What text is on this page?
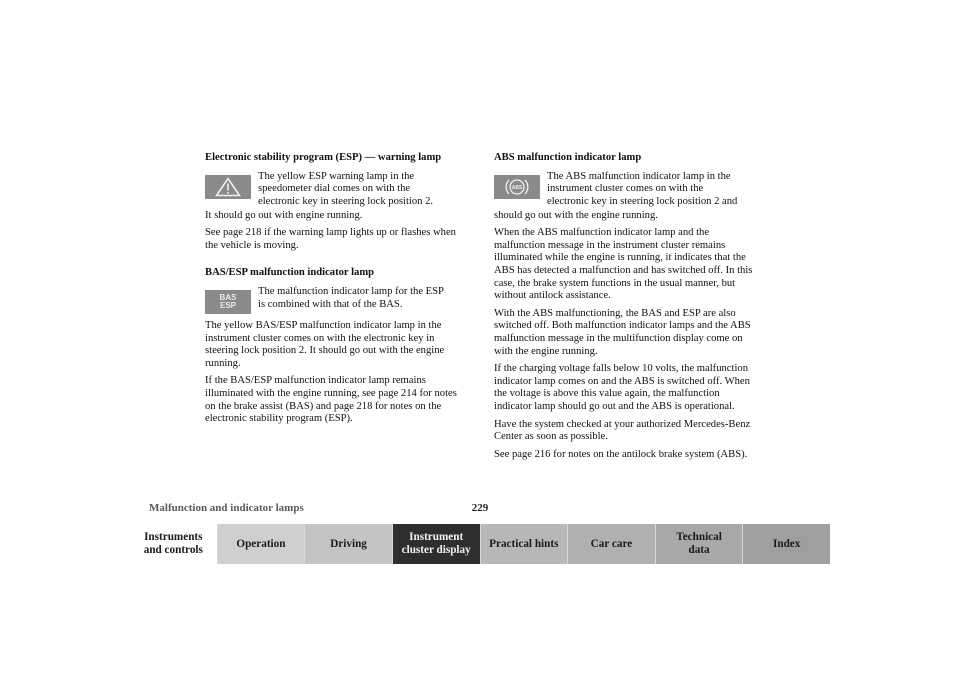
Electronic stability program (ESP) — warning lamp
The yellow ESP warning lamp in the
speedometer dial comes on with the
electronic key in steering lock position 2.

It should go out with engine running.

See page 218 if the warning lamp lights up or flashes when the vehicle is moving.

BAS/ESP malfunction indicator lamp
BAS
ESP
The malfunction indicator lamp for the ESP
is combined with that of the BAS.

The yellow BAS/ESP malfunction indicator lamp in the instrument cluster comes on with the electronic key in steering lock position 2. It should go out with the engine running.

If the BAS/ESP malfunction indicator lamp remains illuminated with the engine running, see page 214 for notes on the brake assist (BAS) and page 218 for notes on the electronic stability program (ESP).

ABS malfunction indicator lamp
ABS
The ABS malfunction indicator lamp in the
instrument cluster comes on with the
electronic key in steering lock position 2 and

should go out with the engine running.

When the ABS malfunction indicator lamp and the malfunction message in the instrument cluster remains illuminated while the engine is running, it indicates that the ABS has detected a malfunction and has switched off. In this case, the brake system functions in the usual manner, but without antilock assistance.

With the ABS malfunctioning, the BAS and ESP are also switched off. Both malfunction indicator lamps and the ABS malfunction message in the multifunction display come on with the engine running.

If the charging voltage falls below 10 volts, the malfunction indicator lamp comes on and the ABS is switched off. When the voltage is above this value again, the malfunction indicator lamp should go out and the ABS is operational.

Have the system checked at your authorized Mercedes-Benz Center as soon as possible.

See page 216 for notes on the antilock brake system (ABS).

Malfunction and indicator lamps	229
Instruments
and controls
Operation	Driving
Instrument
cluster display
Practical hints	Car care
Technical
data
Index
